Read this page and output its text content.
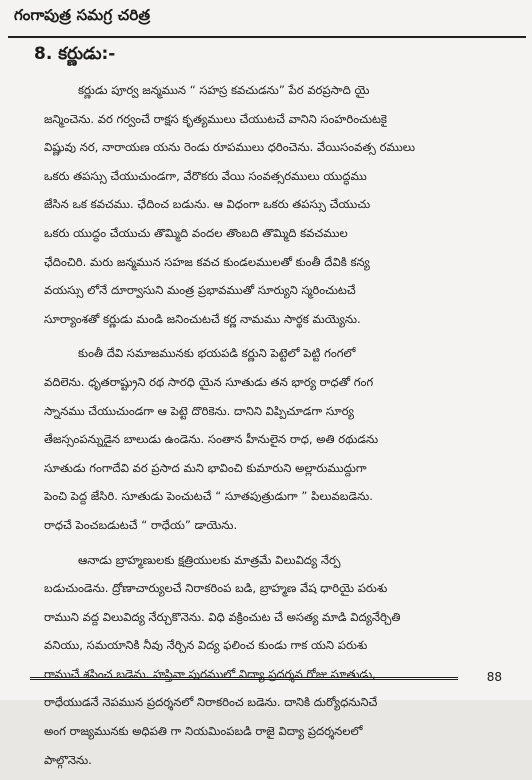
గంగాపుత్ర సమగ్ర చరిత్ర
8. కర్ణుడు:-
కర్ణుడు పూర్వ జన్మమున “ సహస్ర కవచుడను” పేర వరప్రసాది యై
జన్మించెను. వర గర్వంచే రాక్షస కృత్యములు చేయుటచే వానిని సంహరించుటకై
విష్ణువు నర, నారాయణ యను రెండు రూపములు ధరించెను. వేయిసంవత్స రములు
ఒకరు తపస్సు చేయుచుండగా, వేరొకరు వేయి సంవత్సరములు యుద్ధము
జేసిన ఒక కవచము. ఛేదించ బడును. ఆ విధంగా ఒకరు తపస్సు చేయుచు
ఒకరు యుద్ధం చేయుచు తొమ్మిది వందల తొంబది తొమ్మిది కవచముల
ఛేదించిరి. మరు జన్మమున సహజ కవచ కుండలములతో కుంతీ దేవికి కన్య
వయస్సు లోనే దూర్వాసుని మంత్ర ప్రభావముతో సూర్యుని స్మరించుటచే
సూర్యాంశతో కర్ణుడు మండి జనించుటచే కర్ణ నామము సార్థక మయ్యెను.
కుంతీ దేవి సమాజమునకు భయపడి కర్ణుని పెట్టెలో పెట్టి గంగలో
వదిలెను. ధృతరాష్ట్రుని రథ సారధి యైన సూతుడు తన భార్య రాధతో గంగ
స్నానము చేయుచుండగా ఆ పెట్టె దొరికెను. దానిని విప్పిచూడగా సూర్య
తేజస్సంపన్నుడైన బాలుడు ఉండెను. సంతాన హీనులైన రాధ, అతి రథుడను
సూతుడు గంగాదేవి వర ప్రసాద మని భావించి కుమారుని అల్లారుముద్దుగా
పెంచి పెద్ద జేసిరి. సూతుడు పెంచుటచే “ సూతపుత్రుడుగా ” పిలువబడెను.
రాధచే పెంచబడుటచే “ రాధేయ” డాయెను.
ఆనాడు బ్రాహ్మణులకు క్షత్రియులకు మాత్రమే విలువిద్య నేర్ప
బడుచుండెను. ద్రోణాచార్యులచే నిరాకరింప బడి, బ్రాహ్మణ వేష ధారియై పరుశు
రాముని వద్ద విలువిద్య నేర్చుకొనెను. విధి వక్రించుట చే అసత్య మాడి విద్యనేర్చితి
వనియు, సమయానికి నీవు నేర్చిన విద్య ఫలించ కుండు గాక యని పరుశు
రాముచే శపించ బడెను. హస్తినా పురములో విద్యా ప్రదర్శన రోజు సూతుడు,
రాధేయుడనే నెపమున ప్రదర్శనలో నిరాకరించ బడెను. దానికి దుర్యోధనునిచే
అంగ రాజ్యమునకు అధిపతి గా నియమింపబడి రాజై విద్యా ప్రదర్శనలలో
పాల్గొనెను.
88
